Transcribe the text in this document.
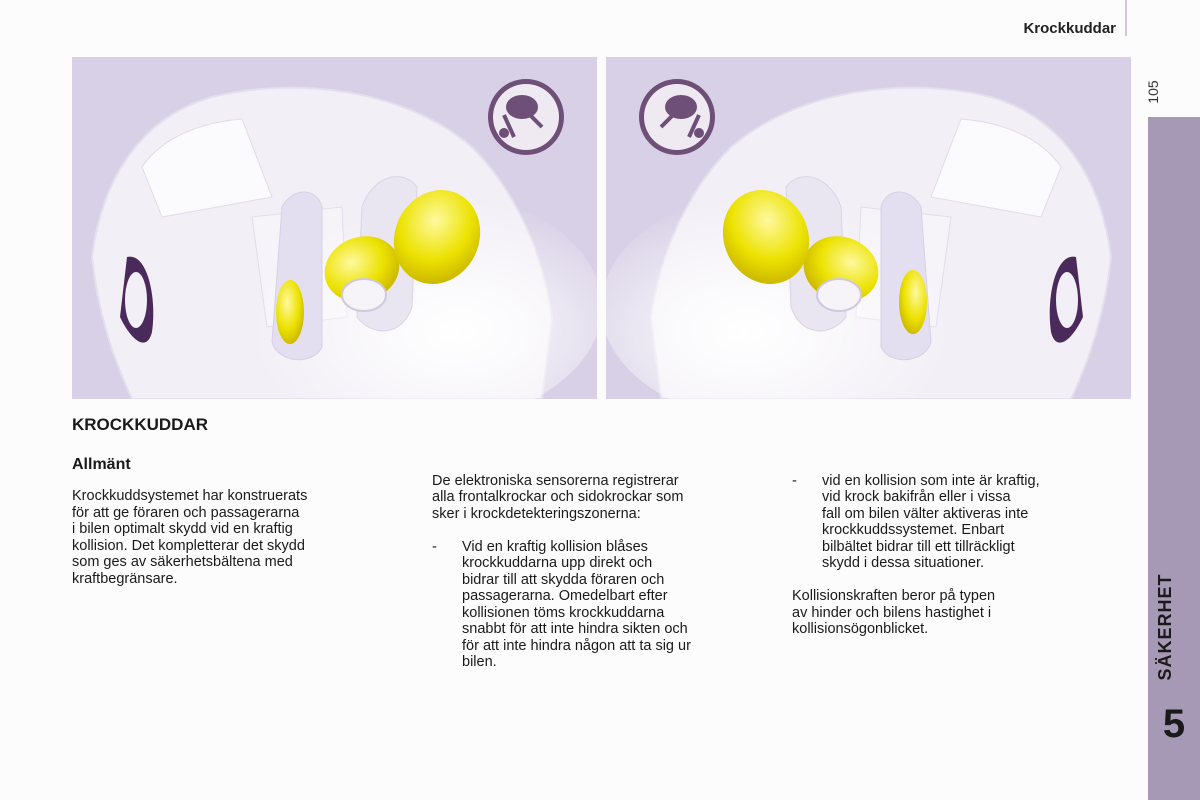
Krockkuddar
105
SÄKERHET
5
KROCKKUDDAR
Allmänt
Krockkuddsystemet har konstruerats
för att ge föraren och passagerarna
i bilen optimalt skydd vid en kraftig
kollision. Det kompletterar det skydd
som ges av säkerhetsbältena med
kraftbegränsare.

De elektroniska sensorerna registrerar
alla frontalkrockar och sidokrockar som
sker i krockdetekteringszonerna:

-	Vid en kraftig kollision blåses
krockkuddarna upp direkt och
bidrar till att skydda föraren och
passagerarna. Omedelbart efter
kollisionen töms krockkuddarna
snabbt för att inte hindra sikten och
för att inte hindra någon att ta sig ur
bilen.

-	vid en kollision som inte är kraftig,
vid krock bakifrån eller i vissa
fall om bilen välter aktiveras inte
krockkuddssystemet. Enbart
bilbältet bidrar till ett tillräckligt
skydd i dessa situationer.

Kollisionskraften beror på typen
av hinder och bilens hastighet i
kollisionsögonblicket.
